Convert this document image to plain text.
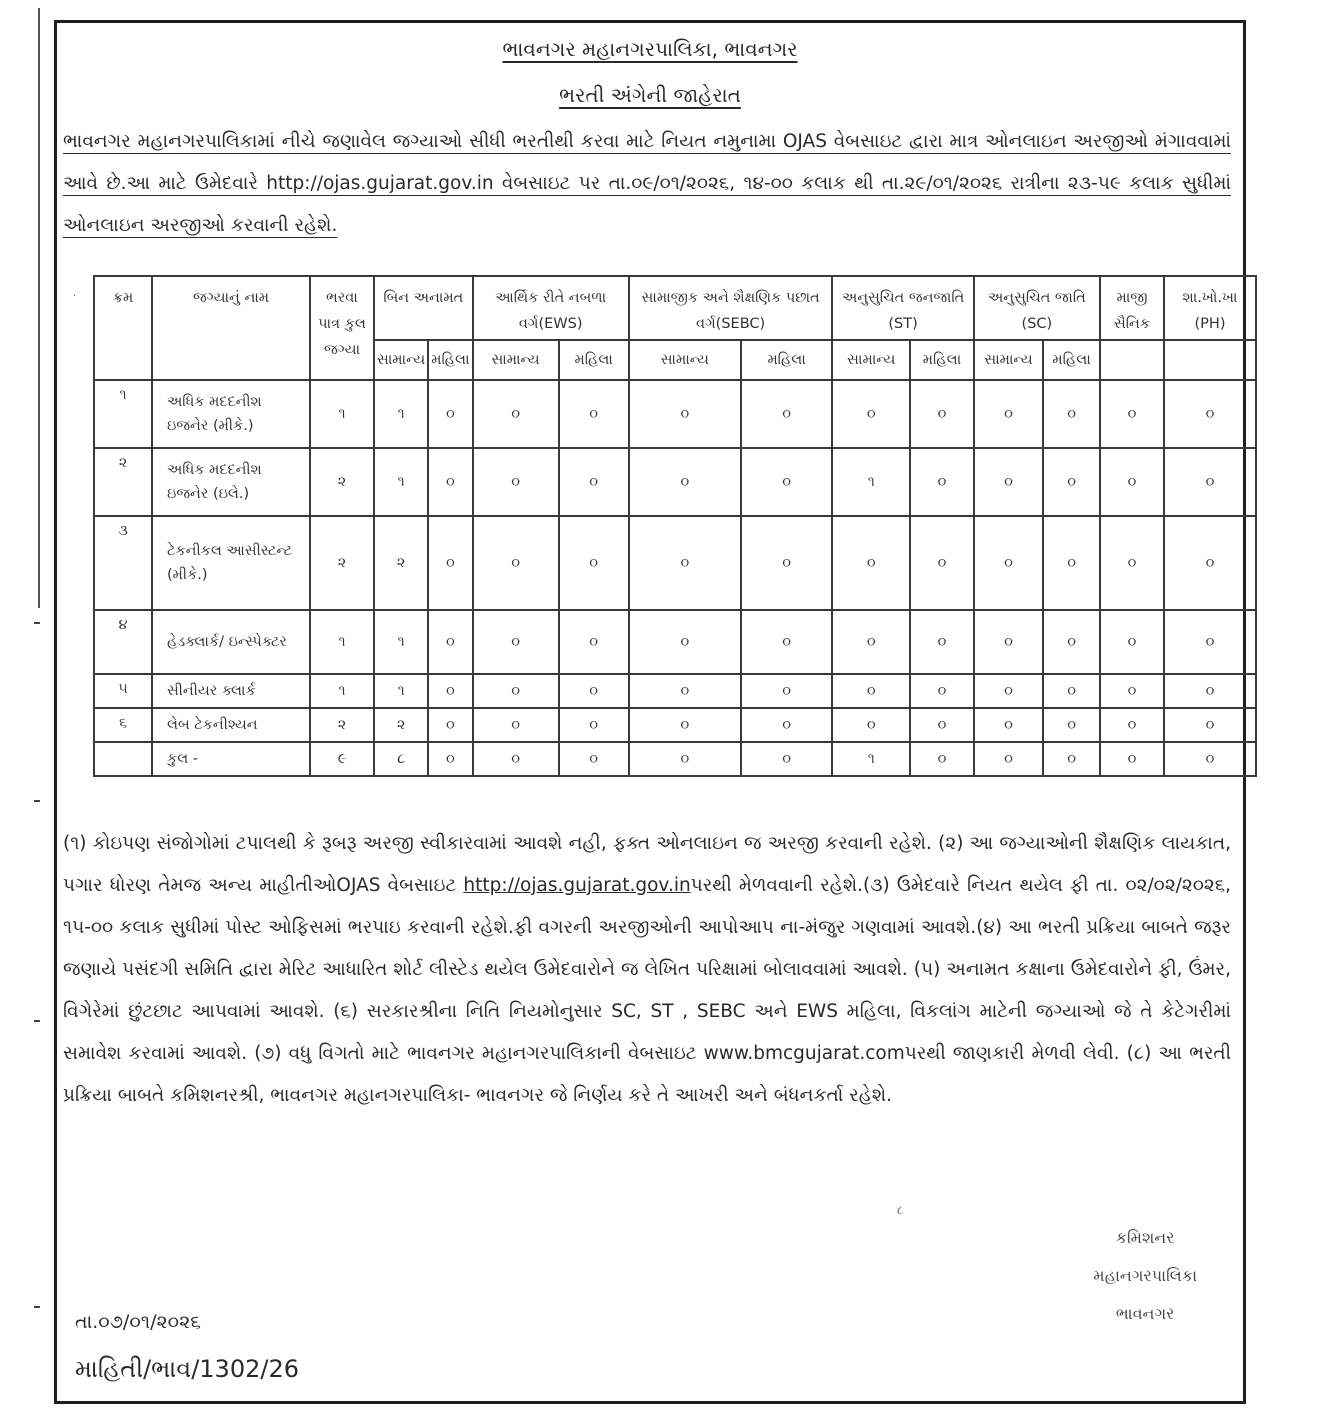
ભાવનગર મહાનગરપાલિકા, ભાવનગર
ભરતી અંગેની જાહેરાત
ભાવનગર મહાનગરપાલિકામાં નીચે જણાવેલ જગ્યાઓ સીધી ભરતીથી કરવા માટે નિયત નમુનામા OJAS વેબસાઇટ દ્વારા માત્ર ઓનલાઇન અરજીઓ મંગાવવામાં આવે છે.આ માટે ઉમેદવારે http://ojas.gujarat.gov.in વેબસાઇટ પર તા.૦૯/૦૧/૨૦૨૬, ૧૪-૦૦ કલાક થી તા.૨૯/૦૧/૨૦૨૬ રાત્રીના ૨૩-૫૯ કલાક સુધીમાં ઓનલાઇન અરજીઓ કરવાની રહેશે.
·	ક્રમ	જગ્યાનું નામ	ભરવા પાત્ર કુલ જગ્યા	બિન અનામત		આર્થિક રીતે નબળા વર્ગ(EWS)		સામાજીક અને શૈક્ષણિક પછાત વર્ગ(SEBC)		અનુસુચિત જનજાતિ (ST)		અનુસુચિત જાતિ (SC)		માજી સૈનિક	શા.ખો.ખા (PH)
			સામાન્ય	મહિલા	સામાન્ય	મહિલા	સામાન્ય	મહિલા	સામાન્ય	મહિલા	સામાન્ય	મહિલા		
૧	અધિક મદદનીશ ઇજનેર (મીકે.)	૧	૧	૦	૦	૦	૦	૦	૦	૦	૦	૦	૦	૦
૨	અધિક મદદનીશ ઇજનેર (ઇલે.)	૨	૧	૦	૦	૦	૦	૦	૧	૦	૦	૦	૦	૦
૩	ટેકનીકલ આસીસ્ટન્ટ (મીકે.)	૨	૨	૦	૦	૦	૦	૦	૦	૦	૦	૦	૦	૦
૪	હેડક્લાર્ક/ ઇન્સ્પેક્ટર	૧	૧	૦	૦	૦	૦	૦	૦	૦	૦	૦	૦	૦
૫	સીનીયર ક્લાર્ક	૧	૧	૦	૦	૦	૦	૦	૦	૦	૦	૦	૦	૦
૬	લેબ ટેકનીશ્યન	૨	૨	૦	૦	૦	૦	૦	૦	૦	૦	૦	૦	૦
	કુલ -	૯	૮	૦	૦	૦	૦	૦	૧	૦	૦	૦	૦	૦
(૧) કોઇપણ સંજોગોમાં ટપાલથી કે રૂબરૂ અરજી સ્વીકારવામાં આવશે નહી, ફક્ત ઓનલાઇન જ અરજી કરવાની રહેશે. (૨) આ જગ્યાઓની શૈક્ષણિક લાયકાત, પગાર ધોરણ તેમજ અન્ય માહીતીઓOJAS વેબસાઇટ http://ojas.gujarat.gov.inપરથી મેળવવાની રહેશે.(૩) ઉમેદવારે નિયત થયેલ ફી તા. ૦૨/૦૨/૨૦૨૬, ૧૫-૦૦ કલાક સુધીમાં પોસ્ટ ઓફિસમાં ભરપાઇ કરવાની રહેશે.ફી વગરની અરજીઓની આપોઆપ ના-મંજુર ગણવામાં આવશે.(૪) આ ભરતી પ્રક્રિયા બાબતે જરૂર જણાયે પસંદગી સમિતિ દ્વારા મેરિટ આધારિત શોર્ટ લીસ્ટેડ થયેલ ઉમેદવારોને જ લેખિત પરિક્ષામાં બોલાવવામાં આવશે. (૫) અનામત કક્ષાના ઉમેદવારોને ફી, ઉંમર, વિગેરેમાં છુંટછાટ આપવામાં આવશે. (૬) સરકારશ્રીના નિતિ નિયમોનુસાર SC, ST , SEBC અને EWS મહિલા, વિકલાંગ માટેની જગ્યાઓ જે તે કેટેગરીમાં સમાવેશ કરવામાં આવશે. (૭) વધુ વિગતો માટે ભાવનગર મહાનગરપાલિકાની વેબસાઇટ www.bmcgujarat.comપરથી જાણકારી મેળવી લેવી. (૮) આ ભરતી પ્રક્રિયા બાબતે કમિશનરશ્રી, ભાવનગર મહાનગરપાલિકા- ભાવનગર જે નિર્ણય કરે તે આખરી અને બંધનકર્તા રહેશે.
૮
કમિશનર
મહાનગરપાલિકા
ભાવનગર
તા.૦૭/૦૧/૨૦૨૬
માહિતી/ભાવ/1302/26
